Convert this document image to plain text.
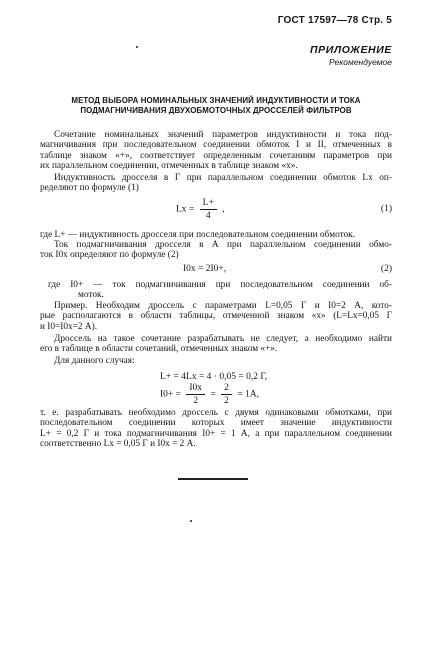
ГОСТ 17597—78 Стр. 5
ПРИЛОЖЕНИЕ
Рекомендуемое
МЕТОД ВЫБОРА НОМИНАЛЬНЫХ ЗНАЧЕНИЙ ИНДУКТИВНОСТИ И ТОКА
ПОДМАГНИЧИВАНИЯ ДВУХОБМОТОЧНЫХ ДРОССЕЛЕЙ ФИЛЬТРОВ
Сочетание номинальных значений параметров индуктивности и тока под-
магничивания при последовательном соединении обмоток I и II, отмеченных в
таблице знаком «+», соответствует определенным сочетаниям параметров при
их параллельном соединении, отмеченных в таблице знаком «х».
Индуктивность дросселя в Г при параллельном соединении обмоток Lх оп-
ределяют по формуле (1)
Lх = $\frac{L+}{4}$ ,	(1)
где L+ — индуктивность дросселя при последовательном соединении обмоток.
Ток подмагничивания дросселя в А при параллельном соединении обмо-
ток I0х определяют по формуле (2)
I0х = 2I0+,	(2)
где I0+ — ток подмагничивания при последовательном соединении об-
моток.
Пример. Необходим дроссель с параметрами L=0,05 Г и I0=2 А, кото-
рые располагаются в области таблицы, отмеченной знаком «х» (L=Lх=0,05 Г
и I0=I0х=2 А).
Дроссель на такое сочетание разрабатывать не следует, а необходимо найти
его в таблице в области сочетаний, отмеченных знаком «+».
Для данного случая:
L+ = 4Lх = 4 · 0,05 = 0,2 Г,
$I0+ = \frac{I0х}{2} = \frac{2}{2} = 1А$,
т. е. разрабатывать необходимо дроссель с двумя одинаковыми обмотками, при
последовательном соединении которых имеет значение индуктивности
L+ = 0,2 Г и тока подмагничивания I0+ = 1 А, а при параллельном соединении
соответственно Lх = 0,05 Г и I0х = 2 А.
